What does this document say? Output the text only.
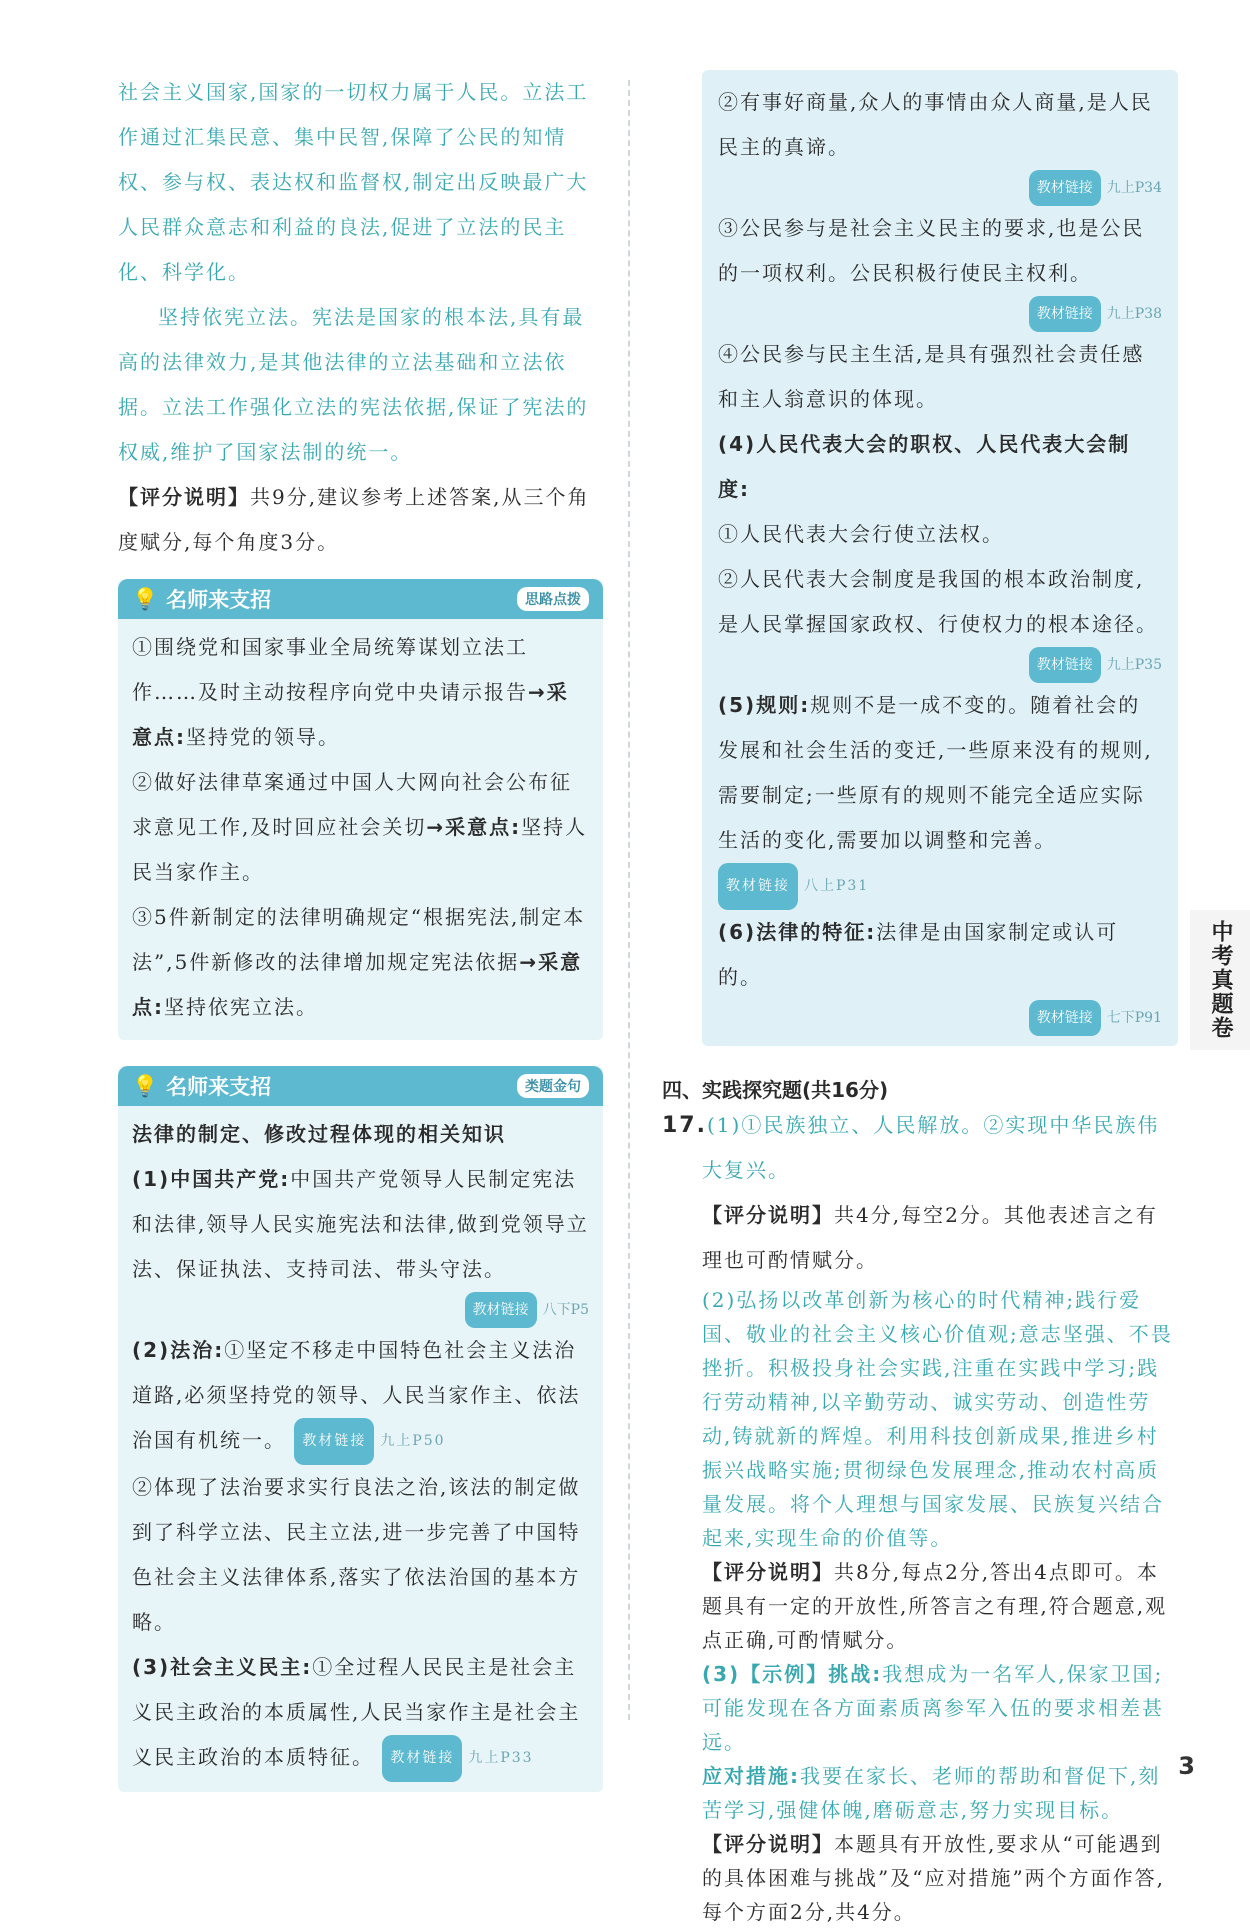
社会主义国家,国家的一切权力属于人民。立法工作通过汇集民意、集中民智,保障了公民的知情权、参与权、表达权和监督权,制定出反映最广大人民群众意志和利益的良法,促进了立法的民主化、科学化。

坚持依宪立法。宪法是国家的根本法,具有最高的法律效力,是其他法律的立法基础和立法依据。立法工作强化立法的宪法依据,保证了宪法的权威,维护了国家法制的统一。

【评分说明】共9分,建议参考上述答案,从三个角度赋分,每个角度3分。

💡 名师来支招	思路点拨

①围绕党和国家事业全局统筹谋划立法工作……及时主动按程序向党中央请示报告→采意点:坚持党的领导。

②做好法律草案通过中国人大网向社会公布征求意见工作,及时回应社会关切→采意点:坚持人民当家作主。

③5件新制定的法律明确规定“根据宪法,制定本法”,5件新修改的法律增加规定宪法依据→采意点:坚持依宪立法。

💡 名师来支招	类题金句

法律的制定、修改过程体现的相关知识

(1)中国共产党:中国共产党领导人民制定宪法和法律,领导人民实施宪法和法律,做到党领导立法、保证执法、支持司法、带头守法。

教材链接	八下P5

(2)法治:①坚定不移走中国特色社会主义法治道路,必须坚持党的领导、人民当家作主、依法治国有机统一。	教材链接	九上P50

②体现了法治要求实行良法之治,该法的制定做到了科学立法、民主立法,进一步完善了中国特色社会主义法律体系,落实了依法治国的基本方略。

(3)社会主义民主:①全过程人民民主是社会主义民主政治的本质属性,人民当家作主是社会主义民主政治的本质特征。	教材链接	九上P33

②有事好商量,众人的事情由众人商量,是人民民主的真谛。

教材链接	九上P34

③公民参与是社会主义民主的要求,也是公民的一项权利。公民积极行使民主权利。

教材链接	九上P38

④公民参与民主生活,是具有强烈社会责任感和主人翁意识的体现。

(4)人民代表大会的职权、人民代表大会制度:

①人民代表大会行使立法权。

②人民代表大会制度是我国的根本政治制度,是人民掌握国家政权、行使权力的根本途径。

教材链接	九上P35

(5)规则:规则不是一成不变的。随着社会的发展和社会生活的变迁,一些原来没有的规则,需要制定;一些原有的规则不能完全适应实际生活的变化,需要加以调整和完善。
教材链接	八上P31

(6)法律的特征:法律是由国家制定或认可的。

教材链接	七下P91
四、实践探究题(共16分)

17.(1)①民族独立、人民解放。②实现中华民族伟大复兴。

【评分说明】共4分,每空2分。其他表述言之有理也可酌情赋分。

(2)弘扬以改革创新为核心的时代精神;践行爱国、敬业的社会主义核心价值观;意志坚强、不畏挫折。积极投身社会实践,注重在实践中学习;践行劳动精神,以辛勤劳动、诚实劳动、创造性劳动,铸就新的辉煌。利用科技创新成果,推进乡村振兴战略实施;贯彻绿色发展理念,推动农村高质量发展。将个人理想与国家发展、民族复兴结合起来,实现生命的价值等。

【评分说明】共8分,每点2分,答出4点即可。本题具有一定的开放性,所答言之有理,符合题意,观点正确,可酌情赋分。

(3)【示例】挑战:我想成为一名军人,保家卫国;可能发现在各方面素质离参军入伍的要求相差甚远。

应对措施:我要在家长、老师的帮助和督促下,刻苦学习,强健体魄,磨砺意志,努力实现目标。

【评分说明】本题具有开放性,要求从“可能遇到的具体困难与挑战”及“应对措施”两个方面作答,每个方面2分,共4分。

中考真题卷
3
